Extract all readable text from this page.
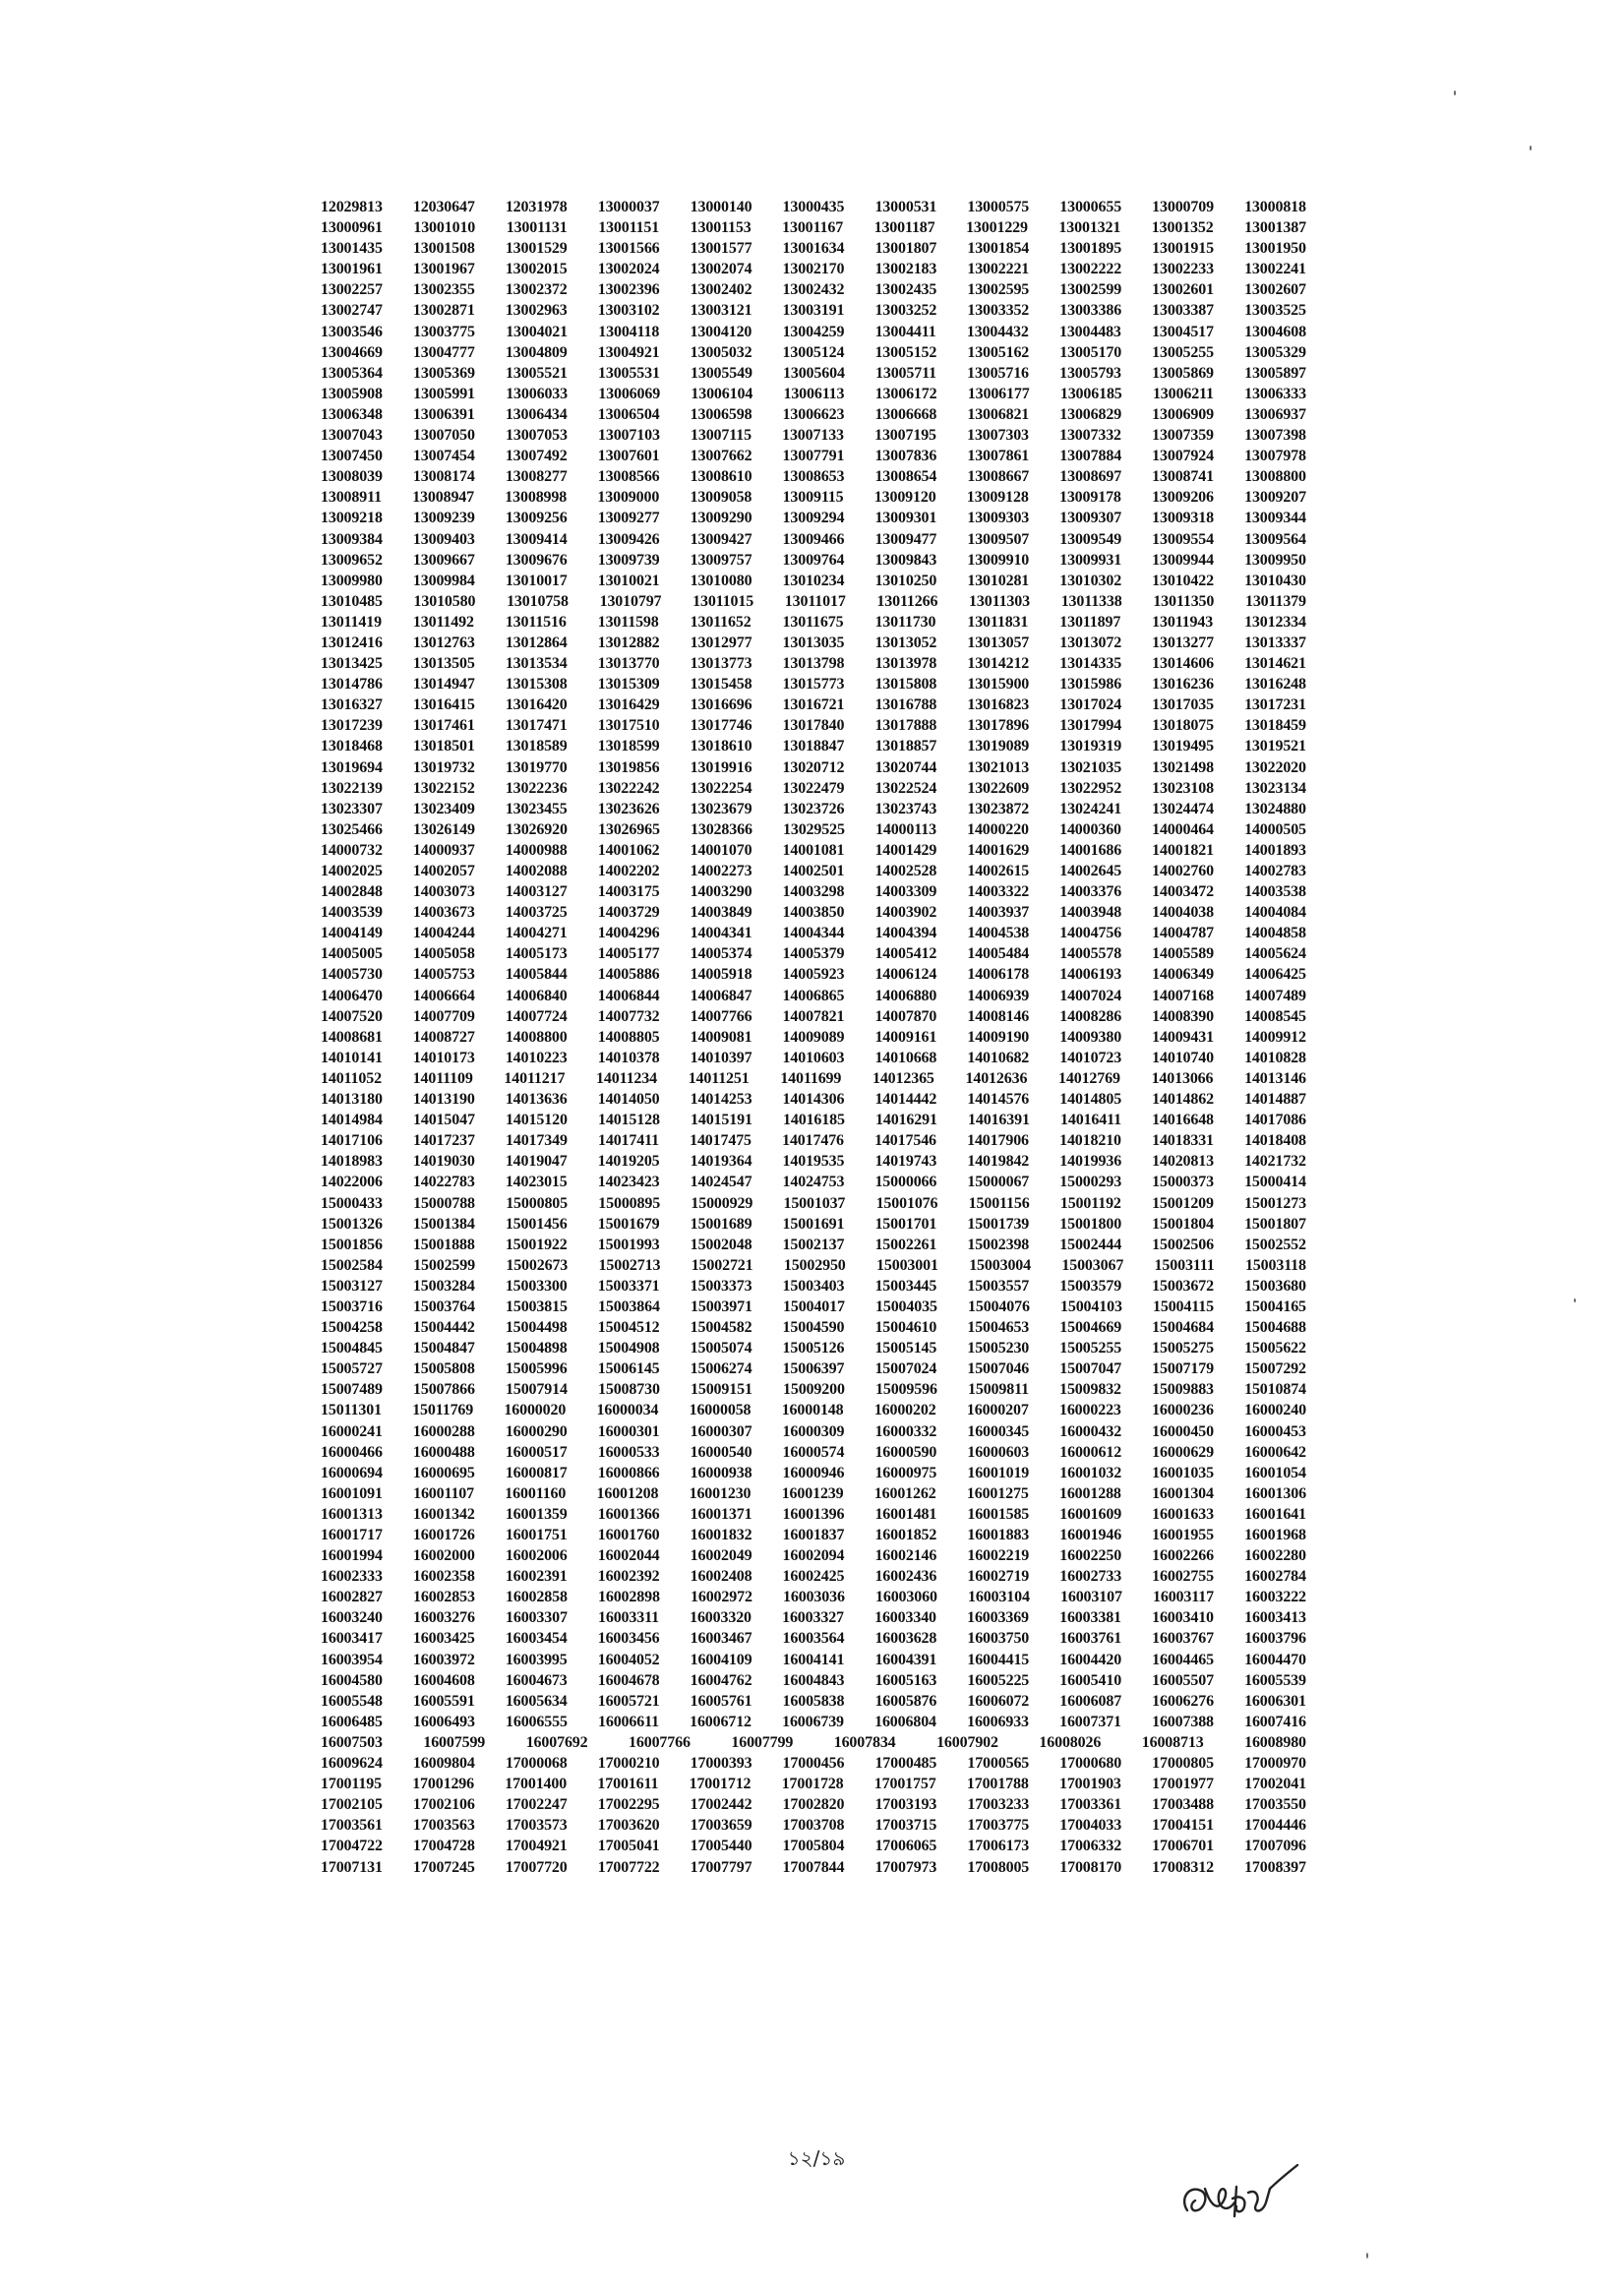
12029813 12030647 12031978 13000037 13000140 13000435 13000531 13000575 13000655 13000709 13000818
13000961 13001010 13001131 13001151 13001153 13001167 13001187 13001229 13001321 13001352 13001387
13001435 13001508 13001529 13001566 13001577 13001634 13001807 13001854 13001895 13001915 13001950
13001961 13001967 13002015 13002024 13002074 13002170 13002183 13002221 13002222 13002233 13002241
13002257 13002355 13002372 13002396 13002402 13002432 13002435 13002595 13002599 13002601 13002607
13002747 13002871 13002963 13003102 13003121 13003191 13003252 13003352 13003386 13003387 13003525
13003546 13003775 13004021 13004118 13004120 13004259 13004411 13004432 13004483 13004517 13004608
13004669 13004777 13004809 13004921 13005032 13005124 13005152 13005162 13005170 13005255 13005329
13005364 13005369 13005521 13005531 13005549 13005604 13005711 13005716 13005793 13005869 13005897
13005908 13005991 13006033 13006069 13006104 13006113 13006172 13006177 13006185 13006211 13006333
13006348 13006391 13006434 13006504 13006598 13006623 13006668 13006821 13006829 13006909 13006937
13007043 13007050 13007053 13007103 13007115 13007133 13007195 13007303 13007332 13007359 13007398
13007450 13007454 13007492 13007601 13007662 13007791 13007836 13007861 13007884 13007924 13007978
13008039 13008174 13008277 13008566 13008610 13008653 13008654 13008667 13008697 13008741 13008800
13008911 13008947 13008998 13009000 13009058 13009115 13009120 13009128 13009178 13009206 13009207
13009218 13009239 13009256 13009277 13009290 13009294 13009301 13009303 13009307 13009318 13009344
13009384 13009403 13009414 13009426 13009427 13009466 13009477 13009507 13009549 13009554 13009564
13009652 13009667 13009676 13009739 13009757 13009764 13009843 13009910 13009931 13009944 13009950
13009980 13009984 13010017 13010021 13010080 13010234 13010250 13010281 13010302 13010422 13010430
13010485 13010580 13010758 13010797 13011015 13011017 13011266 13011303 13011338 13011350 13011379
13011419 13011492 13011516 13011598 13011652 13011675 13011730 13011831 13011897 13011943 13012334
13012416 13012763 13012864 13012882 13012977 13013035 13013052 13013057 13013072 13013277 13013337
13013425 13013505 13013534 13013770 13013773 13013798 13013978 13014212 13014335 13014606 13014621
13014786 13014947 13015308 13015309 13015458 13015773 13015808 13015900 13015986 13016236 13016248
13016327 13016415 13016420 13016429 13016696 13016721 13016788 13016823 13017024 13017035 13017231
13017239 13017461 13017471 13017510 13017746 13017840 13017888 13017896 13017994 13018075 13018459
13018468 13018501 13018589 13018599 13018610 13018847 13018857 13019089 13019319 13019495 13019521
13019694 13019732 13019770 13019856 13019916 13020712 13020744 13021013 13021035 13021498 13022020
13022139 13022152 13022236 13022242 13022254 13022479 13022524 13022609 13022952 13023108 13023134
13023307 13023409 13023455 13023626 13023679 13023726 13023743 13023872 13024241 13024474 13024880
13025466 13026149 13026920 13026965 13028366 13029525 14000113 14000220 14000360 14000464 14000505
14000732 14000937 14000988 14001062 14001070 14001081 14001429 14001629 14001686 14001821 14001893
14002025 14002057 14002088 14002202 14002273 14002501 14002528 14002615 14002645 14002760 14002783
14002848 14003073 14003127 14003175 14003290 14003298 14003309 14003322 14003376 14003472 14003538
14003539 14003673 14003725 14003729 14003849 14003850 14003902 14003937 14003948 14004038 14004084
14004149 14004244 14004271 14004296 14004341 14004344 14004394 14004538 14004756 14004787 14004858
14005005 14005058 14005173 14005177 14005374 14005379 14005412 14005484 14005578 14005589 14005624
14005730 14005753 14005844 14005886 14005918 14005923 14006124 14006178 14006193 14006349 14006425
14006470 14006664 14006840 14006844 14006847 14006865 14006880 14006939 14007024 14007168 14007489
14007520 14007709 14007724 14007732 14007766 14007821 14007870 14008146 14008286 14008390 14008545
14008681 14008727 14008800 14008805 14009081 14009089 14009161 14009190 14009380 14009431 14009912
14010141 14010173 14010223 14010378 14010397 14010603 14010668 14010682 14010723 14010740 14010828
14011052 14011109 14011217 14011234 14011251 14011699 14012365 14012636 14012769 14013066 14013146
14013180 14013190 14013636 14014050 14014253 14014306 14014442 14014576 14014805 14014862 14014887
14014984 14015047 14015120 14015128 14015191 14016185 14016291 14016391 14016411 14016648 14017086
14017106 14017237 14017349 14017411 14017475 14017476 14017546 14017906 14018210 14018331 14018408
14018983 14019030 14019047 14019205 14019364 14019535 14019743 14019842 14019936 14020813 14021732
14022006 14022783 14023015 14023423 14024547 14024753 15000066 15000067 15000293 15000373 15000414
15000433 15000788 15000805 15000895 15000929 15001037 15001076 15001156 15001192 15001209 15001273
15001326 15001384 15001456 15001679 15001689 15001691 15001701 15001739 15001800 15001804 15001807
15001856 15001888 15001922 15001993 15002048 15002137 15002261 15002398 15002444 15002506 15002552
15002584 15002599 15002673 15002713 15002721 15002950 15003001 15003004 15003067 15003111 15003118
15003127 15003284 15003300 15003371 15003373 15003403 15003445 15003557 15003579 15003672 15003680
15003716 15003764 15003815 15003864 15003971 15004017 15004035 15004076 15004103 15004115 15004165
15004258 15004442 15004498 15004512 15004582 15004590 15004610 15004653 15004669 15004684 15004688
15004845 15004847 15004898 15004908 15005074 15005126 15005145 15005230 15005255 15005275 15005622
15005727 15005808 15005996 15006145 15006274 15006397 15007024 15007046 15007047 15007179 15007292
15007489 15007866 15007914 15008730 15009151 15009200 15009596 15009811 15009832 15009883 15010874
15011301 15011769 16000020 16000034 16000058 16000148 16000202 16000207 16000223 16000236 16000240
16000241 16000288 16000290 16000301 16000307 16000309 16000332 16000345 16000432 16000450 16000453
16000466 16000488 16000517 16000533 16000540 16000574 16000590 16000603 16000612 16000629 16000642
16000694 16000695 16000817 16000866 16000938 16000946 16000975 16001019 16001032 16001035 16001054
16001091 16001107 16001160 16001208 16001230 16001239 16001262 16001275 16001288 16001304 16001306
16001313 16001342 16001359 16001366 16001371 16001396 16001481 16001585 16001609 16001633 16001641
16001717 16001726 16001751 16001760 16001832 16001837 16001852 16001883 16001946 16001955 16001968
16001994 16002000 16002006 16002044 16002049 16002094 16002146 16002219 16002250 16002266 16002280
16002333 16002358 16002391 16002392 16002408 16002425 16002436 16002719 16002733 16002755 16002784
16002827 16002853 16002858 16002898 16002972 16003036 16003060 16003104 16003107 16003117 16003222
16003240 16003276 16003307 16003311 16003320 16003327 16003340 16003369 16003381 16003410 16003413
16003417 16003425 16003454 16003456 16003467 16003564 16003628 16003750 16003761 16003767 16003796
16003954 16003972 16003995 16004052 16004109 16004141 16004391 16004415 16004420 16004465 16004470
16004580 16004608 16004673 16004678 16004762 16004843 16005163 16005225 16005410 16005507 16005539
16005548 16005591 16005634 16005721 16005761 16005838 16005876 16006072 16006087 16006276 16006301
16006485 16006493 16006555 16006611 16006712 16006739 16006804 16006933 16007371 16007388 16007416
16007503	16007599	16007692	16007766	16007799	16007834	16007902	16008026	16008713	16008980
16009624 16009804 17000068 17000210 17000393 17000456 17000485 17000565 17000680 17000805 17000970
17001195 17001296 17001400 17001611 17001712 17001728 17001757 17001788 17001903 17001977 17002041
17002105 17002106 17002247 17002295 17002442 17002820 17003193 17003233 17003361 17003488 17003550
17003561 17003563 17003573 17003620 17003659 17003708 17003715 17003775 17004033 17004151 17004446
17004722 17004728 17004921 17005041 17005440 17005804 17006065 17006173 17006332 17006701 17007096
17007131 17007245 17007720 17007722 17007797 17007844 17007973 17008005 17008170 17008312 17008397
১২/১৯
